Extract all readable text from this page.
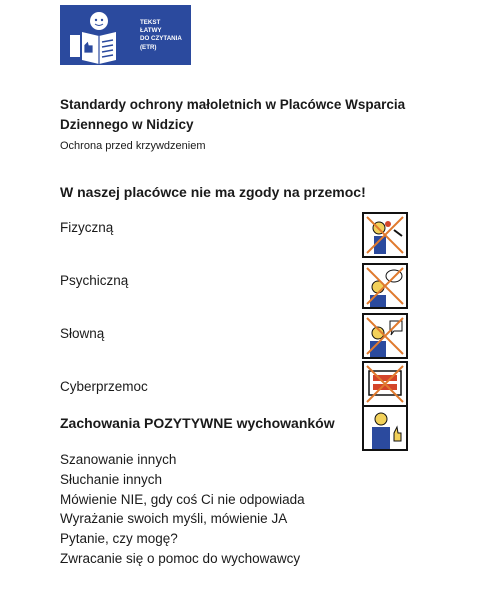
TEKST
ŁATWY
DO CZYTANIA
(ETR)
Standardy ochrony małoletnich w Placówce Wsparcia Dziennego w Nidzicy
Ochrona przed krzywdzeniem
W naszej placówce nie ma zgody na przemoc!
Fizyczną
Psychiczną
Słowną
Cyberprzemoc
Zachowania POZYTYWNE wychowanków
Szanowanie innych
Słuchanie innych
Mówienie NIE, gdy coś Ci nie odpowiada
Wyrażanie swoich myśli, mówienie JA
Pytanie, czy mogę?
Zwracanie się o pomoc do wychowawcy
